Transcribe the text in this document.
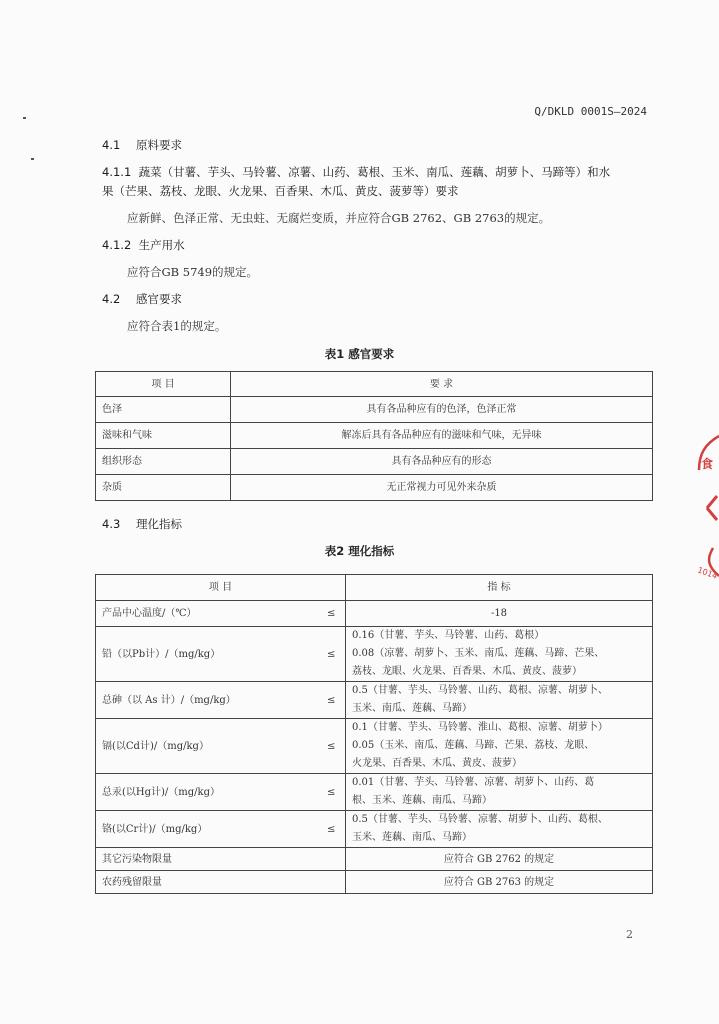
Q/DKLD 0001S—2024
4.1 原料要求
4.1.1 蔬菜（甘薯、芋头、马铃薯、凉薯、山药、葛根、玉米、南瓜、莲藕、胡萝卜、马蹄等）和水
果（芒果、荔枝、龙眼、火龙果、百香果、木瓜、黄皮、菠萝等）要求
应新鲜、色泽正常、无虫蛀、无腐烂变质，并应符合GB 2762、GB 2763的规定。
4.1.2 生产用水
应符合GB 5749的规定。
4.2 感官要求
应符合表1的规定。
表1 感官要求
项 目	要 求
色泽	具有各品种应有的色泽，色泽正常
滋味和气味	解冻后具有各品种应有的滋味和气味，无异味
组织形态	具有各品种应有的形态
杂质	无正常视力可见外来杂质
4.3 理化指标
表2 理化指标
项 目		指 标
产品中心温度/（℃）	≤	-18
铅（以Pb计）/（mg/kg）	≤	0.16（甘薯、芋头、马铃薯、山药、葛根）
0.08（凉薯、胡萝卜、玉米、南瓜、莲藕、马蹄、芒果、
荔枝、龙眼、火龙果、百香果、木瓜、黄皮、菠萝）

总砷（以 As 计）/（mg/kg）	≤	0.5（甘薯、芋头、马铃薯、山药、葛根、凉薯、胡萝卜、
玉米、南瓜、莲藕、马蹄）

镉(以Cd计)/（mg/kg）	≤	0.1（甘薯、芋头、马铃薯、淮山、葛根、凉薯、胡萝卜）
0.05（玉米、南瓜、莲藕、马蹄、芒果、荔枝、龙眼、
火龙果、百香果、木瓜、黄皮、菠萝）

总汞(以Hg计)/（mg/kg）	≤	0.01（甘薯、芋头、马铃薯、凉薯、胡萝卜、山药、葛
根、玉米、莲藕、南瓜、马蹄）

铬(以Cr计)/（mg/kg）	≤	0.5（甘薯、芋头、马铃薯、凉薯、胡萝卜、山药、葛根、
玉米、莲藕、南瓜、马蹄）

其它污染物限量		应符合 GB 2762 的规定
农药残留限量		应符合 GB 2763 的规定
食
1014
2
